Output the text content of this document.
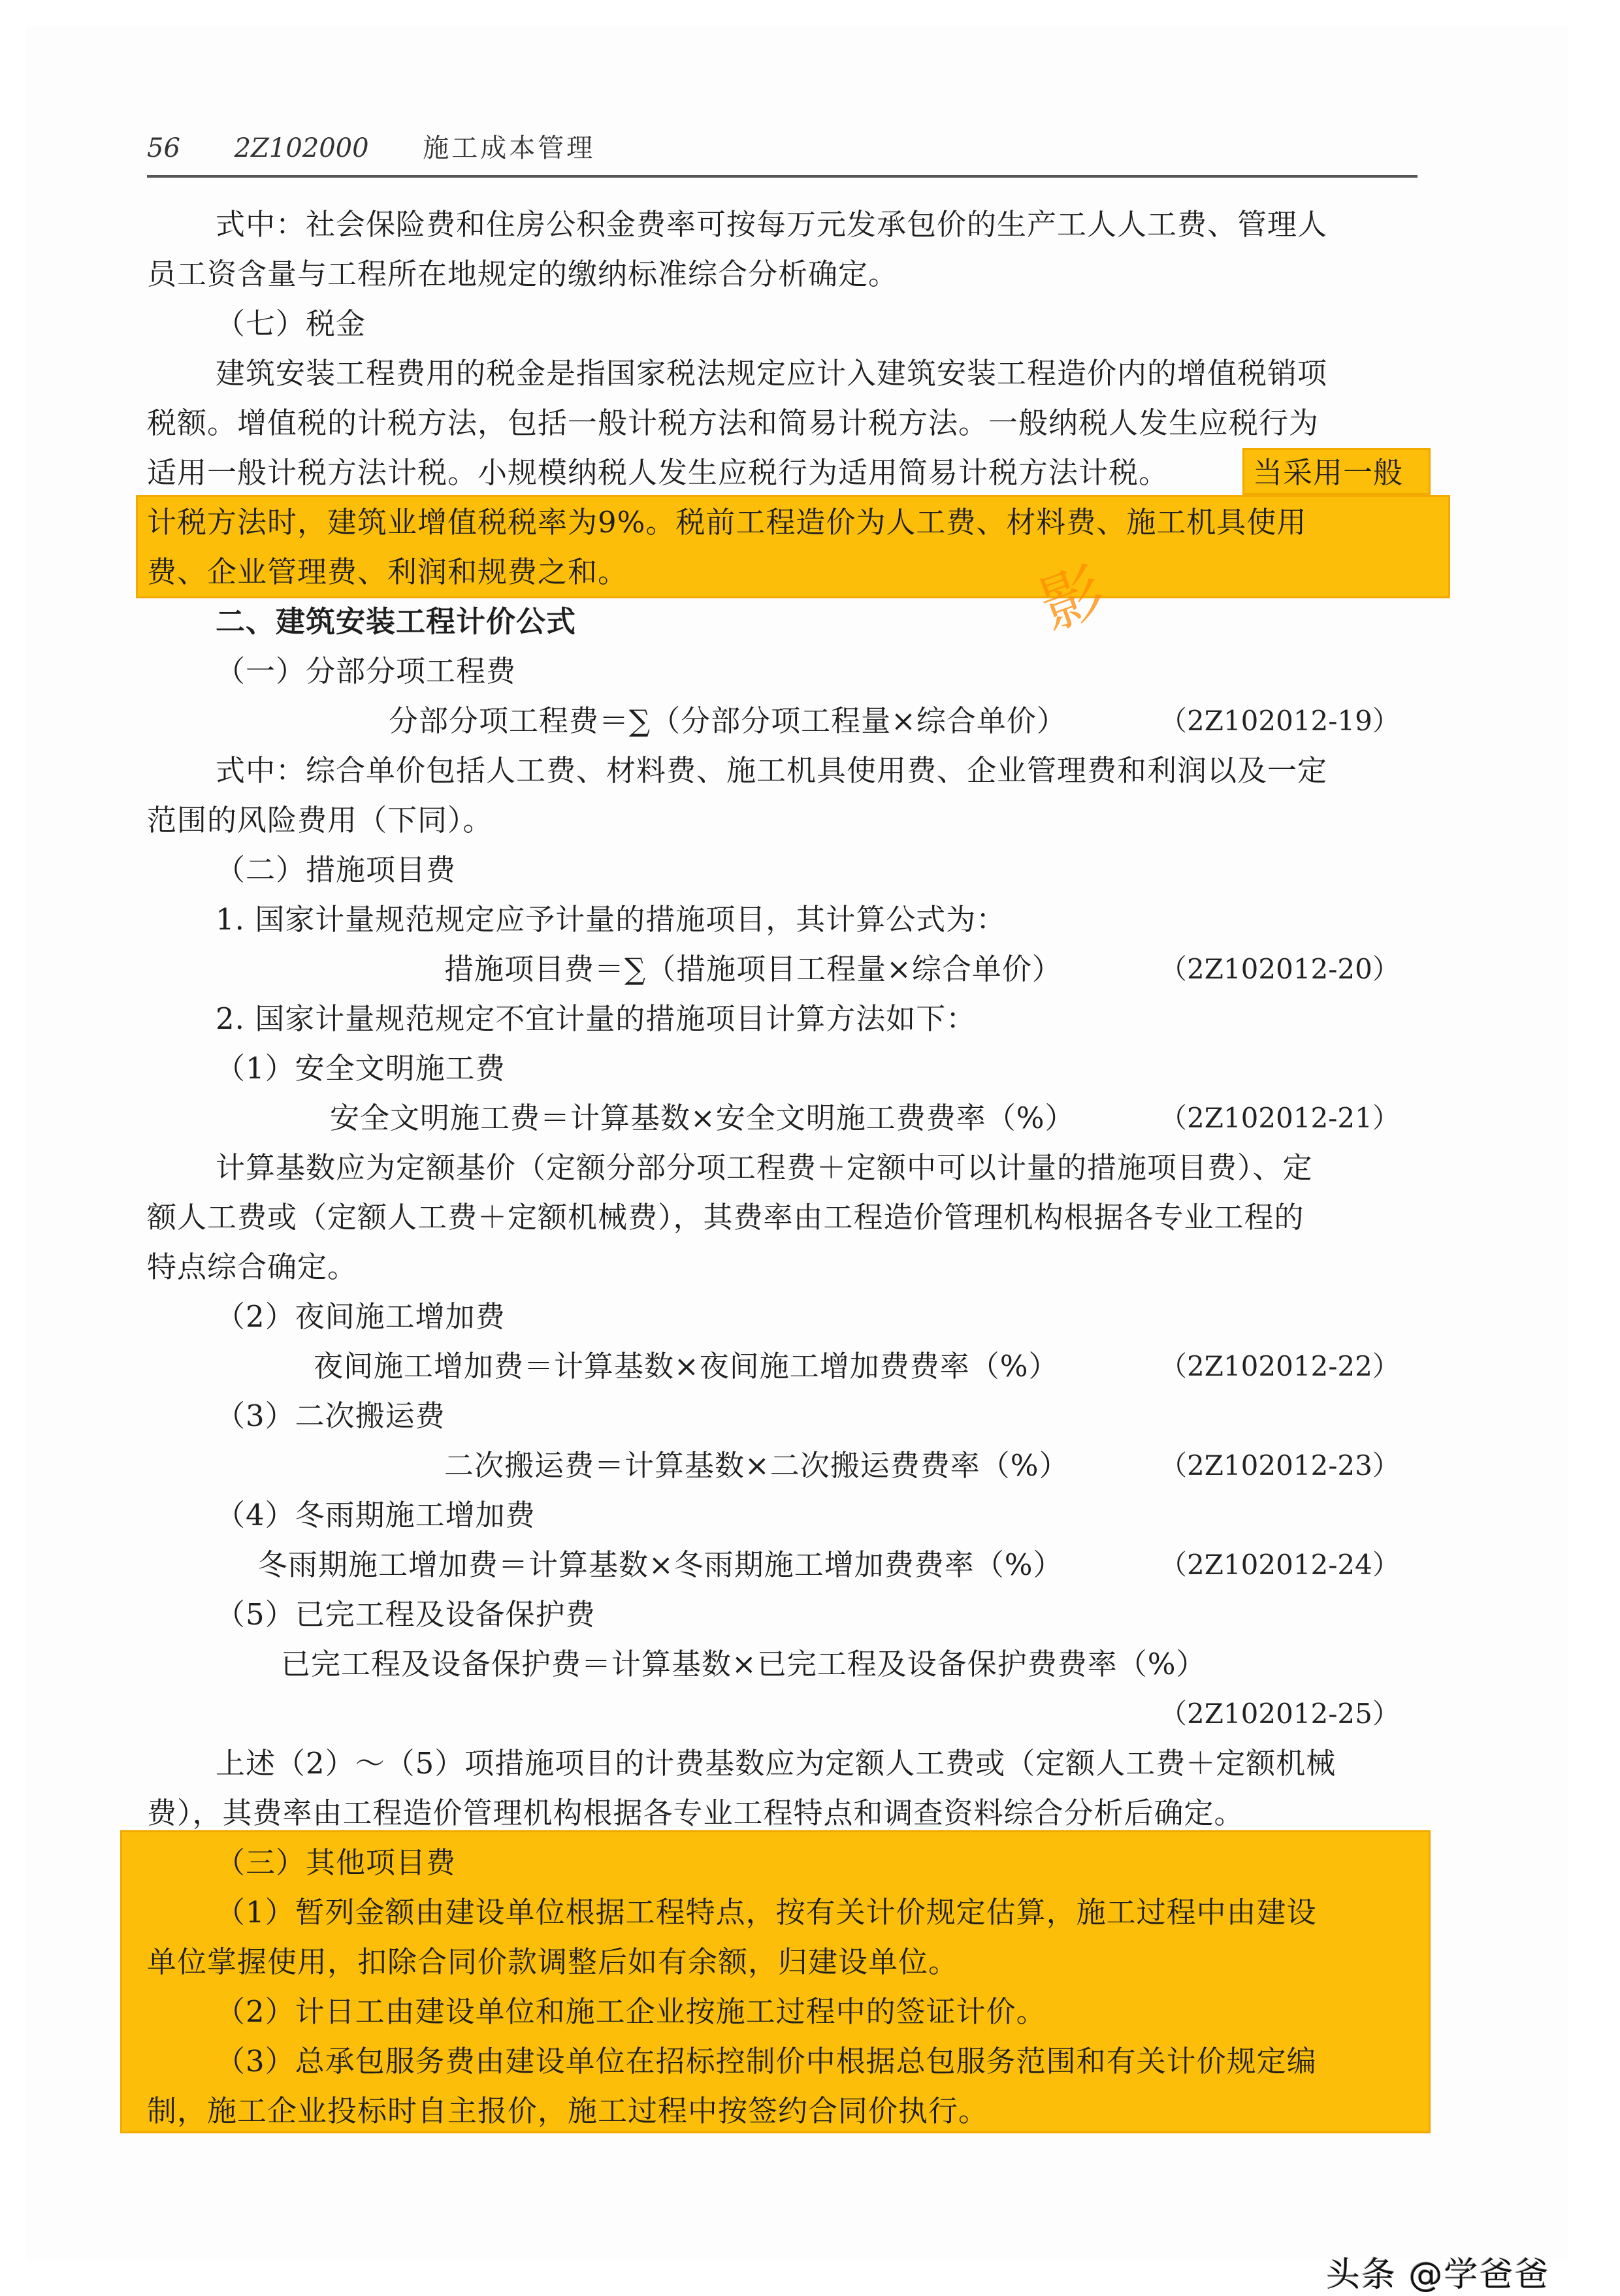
56 2Z102000 施工成本管理
影
式中：社会保险费和住房公积金费率可按每万元发承包价的生产工人人工费、管理人
员工资含量与工程所在地规定的缴纳标准综合分析确定。
（七）税金
建筑安装工程费用的税金是指国家税法规定应计入建筑安装工程造价内的增值税销项
税额。增值税的计税方法，包括一般计税方法和简易计税方法。一般纳税人发生应税行为
适用一般计税方法计税。小规模纳税人发生应税行为适用简易计税方法计税。	当采用一般
计税方法时，建筑业增值税税率为9%。税前工程造价为人工费、材料费、施工机具使用
费、企业管理费、利润和规费之和。
二、建筑安装工程计价公式
（一）分部分项工程费
分部分项工程费＝∑（分部分项工程量×综合单价）	（2Z102012-19）
式中：综合单价包括人工费、材料费、施工机具使用费、企业管理费和利润以及一定
范围的风险费用（下同）。
（二）措施项目费
1. 国家计量规范规定应予计量的措施项目，其计算公式为：
措施项目费＝∑（措施项目工程量×综合单价）	（2Z102012-20）
2. 国家计量规范规定不宜计量的措施项目计算方法如下：
（1）安全文明施工费
安全文明施工费＝计算基数×安全文明施工费费率（%）	（2Z102012-21）
计算基数应为定额基价（定额分部分项工程费＋定额中可以计量的措施项目费）、定
额人工费或（定额人工费＋定额机械费），其费率由工程造价管理机构根据各专业工程的
特点综合确定。
（2）夜间施工增加费
夜间施工增加费＝计算基数×夜间施工增加费费率（%）	（2Z102012-22）
（3）二次搬运费
二次搬运费＝计算基数×二次搬运费费率（%）	（2Z102012-23）
（4）冬雨期施工增加费
冬雨期施工增加费＝计算基数×冬雨期施工增加费费率（%）	（2Z102012-24）
（5）已完工程及设备保护费
已完工程及设备保护费＝计算基数×已完工程及设备保护费费率（%）
（2Z102012-25）
上述（2）～（5）项措施项目的计费基数应为定额人工费或（定额人工费＋定额机械
费），其费率由工程造价管理机构根据各专业工程特点和调查资料综合分析后确定。
（三）其他项目费
（1）暂列金额由建设单位根据工程特点，按有关计价规定估算，施工过程中由建设
单位掌握使用，扣除合同价款调整后如有余额，归建设单位。
（2）计日工由建设单位和施工企业按施工过程中的签证计价。
（3）总承包服务费由建设单位在招标控制价中根据总包服务范围和有关计价规定编
制，施工企业投标时自主报价，施工过程中按签约合同价执行。
头条 @学爸爸
